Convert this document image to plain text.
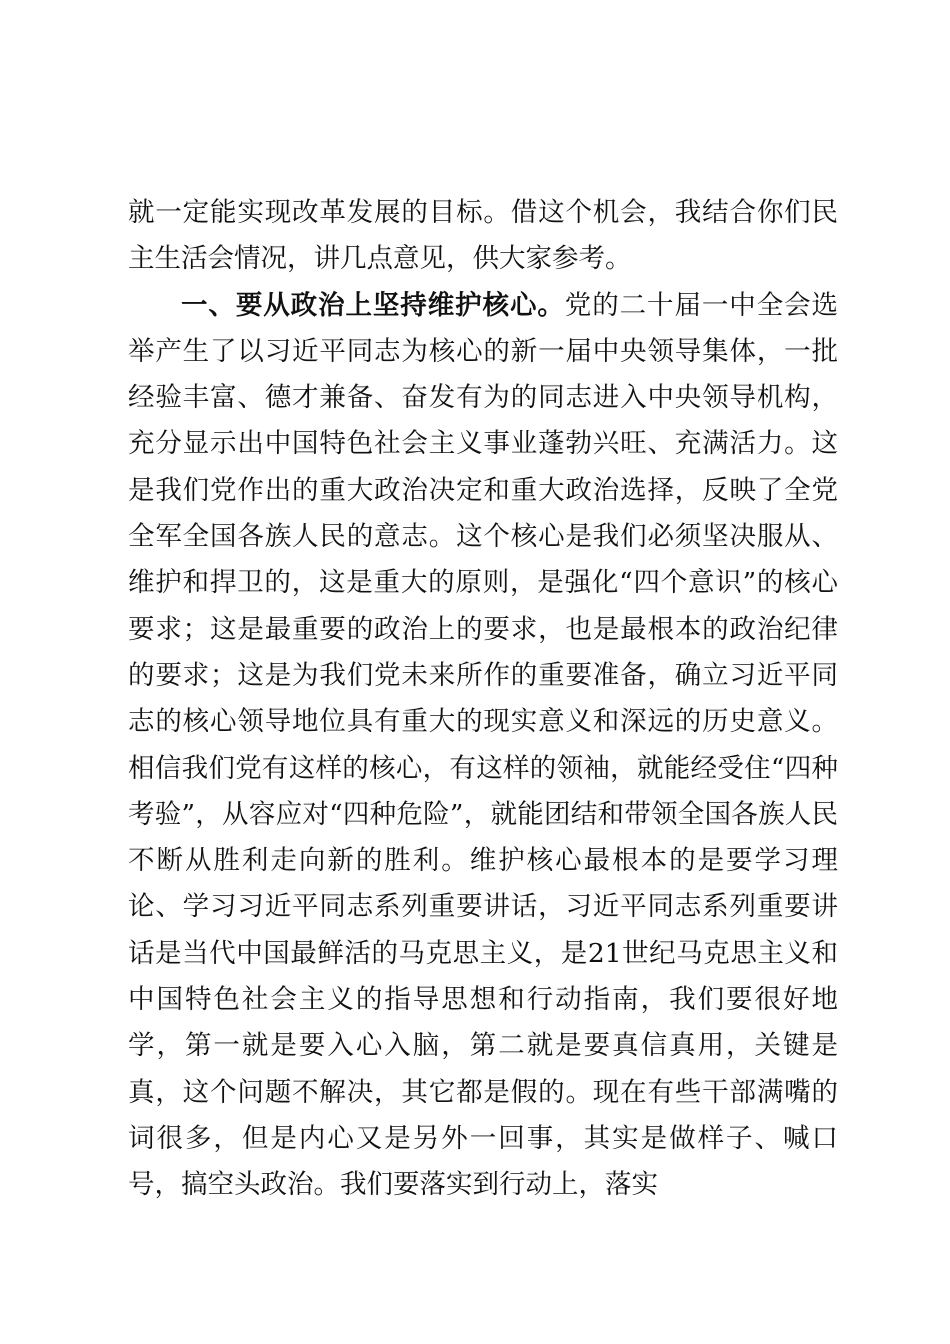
就一定能实现改革发展的目标。借这个机会，我结合你们民主生活会情况，讲几点意见，供大家参考。

一、要从政治上坚持维护核心。党的二十届一中全会选举产生了以习近平同志为核心的新一届中央领导集体，一批经验丰富、德才兼备、奋发有为的同志进入中央领导机构，充分显示出中国特色社会主义事业蓬勃兴旺、充满活力。这是我们党作出的重大政治决定和重大政治选择，反映了全党全军全国各族人民的意志。这个核心是我们必须坚决服从、维护和捍卫的，这是重大的原则，是强化“四个意识”的核心要求；这是最重要的政治上的要求，也是最根本的政治纪律的要求；这是为我们党未来所作的重要准备，确立习近平同志的核心领导地位具有重大的现实意义和深远的历史意义。相信我们党有这样的核心，有这样的领袖，就能经受住“四种考验”，从容应对“四种危险”，就能团结和带领全国各族人民不断从胜利走向新的胜利。维护核心最根本的是要学习理论、学习习近平同志系列重要讲话，习近平同志系列重要讲话是当代中国最鲜活的马克思主义，是21世纪马克思主义和中国特色社会主义的指导思想和行动指南，我们要很好地学，第一就是要入心入脑，第二就是要真信真用，关键是真，这个问题不解决，其它都是假的。现在有些干部满嘴的词很多，但是内心又是另外一回事，其实是做样子、喊口号，搞空头政治。我们要落实到行动上，落实
